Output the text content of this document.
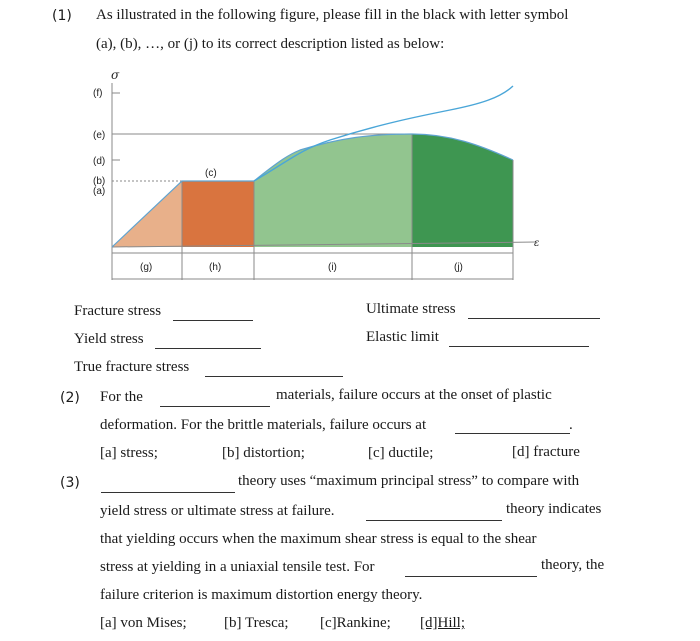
(1) As illustrated in the following figure, please fill in the black with letter symbol
(a), (b), …, or (j) to its correct description listed as below:
σ
ε
(f)
(e)
(d)
(b)
(a)
(c)
(g)	(h)	(i)	(j)
Fracture stress	Ultimate stress
Yield stress	Elastic limit
True fracture stress
(2) For the	materials, failure occurs at the onset of plastic
deformation. For the brittle materials, failure occurs at	.
[a] stress;	[b] distortion;	[c] ductile;	[d] fracture
(3)	theory uses “maximum principal stress” to compare with
yield stress or ultimate stress at failure.	theory indicates
that yielding occurs when the maximum shear stress is equal to the shear
stress at yielding in a uniaxial tensile test. For	theory, the
failure criterion is maximum distortion energy theory.
[a] von Mises; [b] Tresca; [c]Rankine; [d]Hill;
